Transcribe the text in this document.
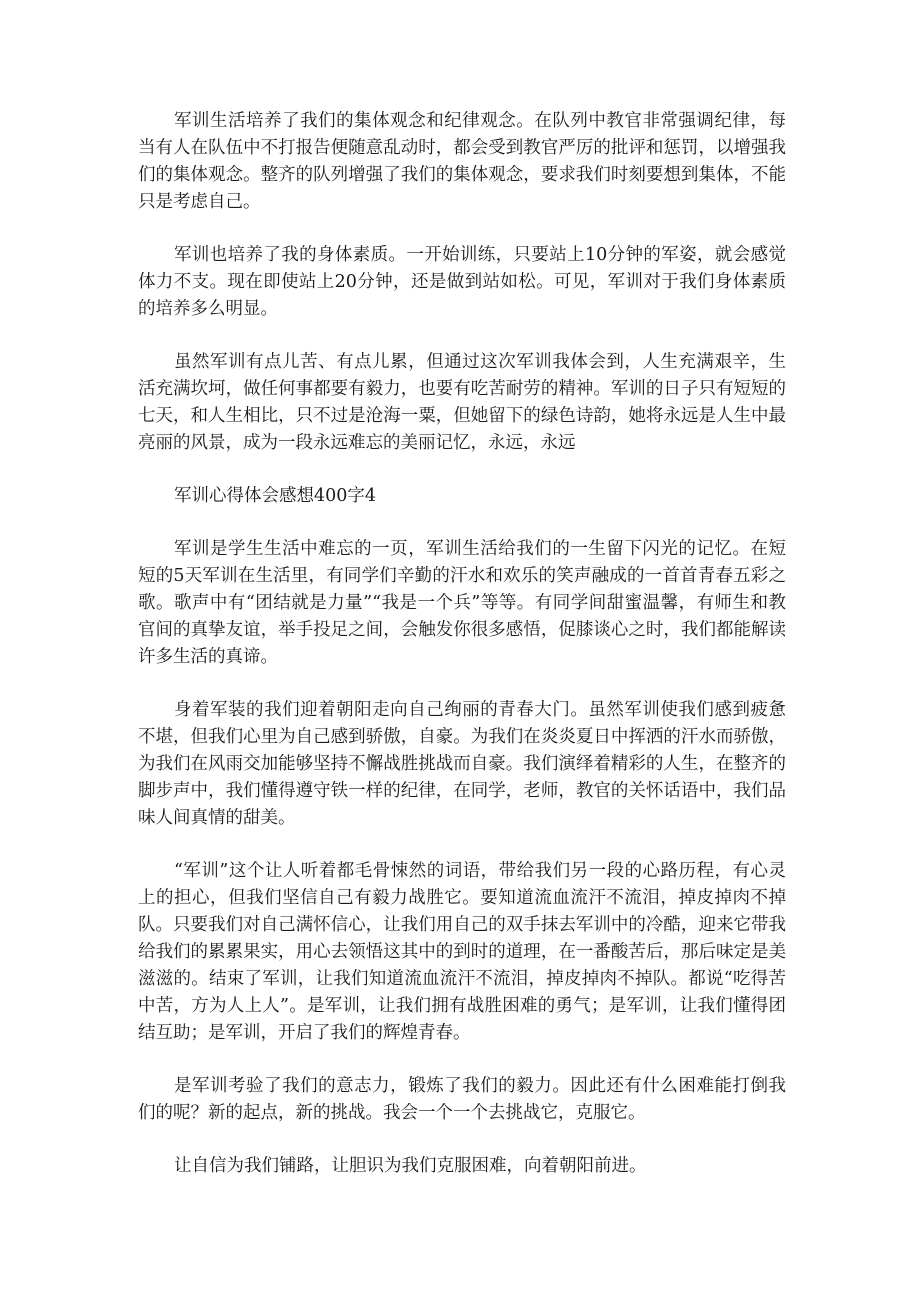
军训生活培养了我们的集体观念和纪律观念。在队列中教官非常强调纪律，每当有人在队伍中不打报告便随意乱动时，都会受到教官严厉的批评和惩罚，以增强我们的集体观念。整齐的队列增强了我们的集体观念，要求我们时刻要想到集体，不能只是考虑自己。

军训也培养了我的身体素质。一开始训练，只要站上10分钟的军姿，就会感觉体力不支。现在即使站上20分钟，还是做到站如松。可见，军训对于我们身体素质的培养多么明显。

虽然军训有点儿苦、有点儿累，但通过这次军训我体会到，人生充满艰辛，生活充满坎坷，做任何事都要有毅力，也要有吃苦耐劳的精神。军训的日子只有短短的七天，和人生相比，只不过是沧海一粟，但她留下的绿色诗韵，她将永远是人生中最亮丽的风景，成为一段永远难忘的美丽记忆，永远，永远

军训心得体会感想400字4

军训是学生生活中难忘的一页，军训生活给我们的一生留下闪光的记忆。在短短的5天军训在生活里，有同学们辛勤的汗水和欢乐的笑声融成的一首首青春五彩之歌。歌声中有“团结就是力量”“我是一个兵”等等。有同学间甜蜜温馨，有师生和教官间的真挚友谊，举手投足之间，会触发你很多感悟，促膝谈心之时，我们都能解读许多生活的真谛。

身着军装的我们迎着朝阳走向自己绚丽的青春大门。虽然军训使我们感到疲惫不堪，但我们心里为自己感到骄傲，自豪。为我们在炎炎夏日中挥洒的汗水而骄傲，为我们在风雨交加能够坚持不懈战胜挑战而自豪。我们演绎着精彩的人生，在整齐的脚步声中，我们懂得遵守铁一样的纪律，在同学，老师，教官的关怀话语中，我们品味人间真情的甜美。

“军训”这个让人听着都毛骨悚然的词语，带给我们另一段的心路历程，有心灵上的担心，但我们坚信自己有毅力战胜它。要知道流血流汗不流泪，掉皮掉肉不掉队。只要我们对自己满怀信心，让我们用自己的双手抹去军训中的冷酷，迎来它带我给我们的累累果实，用心去领悟这其中的到时的道理，在一番酸苦后，那后味定是美滋滋的。结束了军训，让我们知道流血流汗不流泪，掉皮掉肉不掉队。都说“吃得苦中苦，方为人上人”。是军训，让我们拥有战胜困难的勇气；是军训，让我们懂得团结互助；是军训，开启了我们的辉煌青春。

是军训考验了我们的意志力，锻炼了我们的毅力。因此还有什么困难能打倒我们的呢？新的起点，新的挑战。我会一个一个去挑战它，克服它。

让自信为我们铺路，让胆识为我们克服困难，向着朝阳前进。
